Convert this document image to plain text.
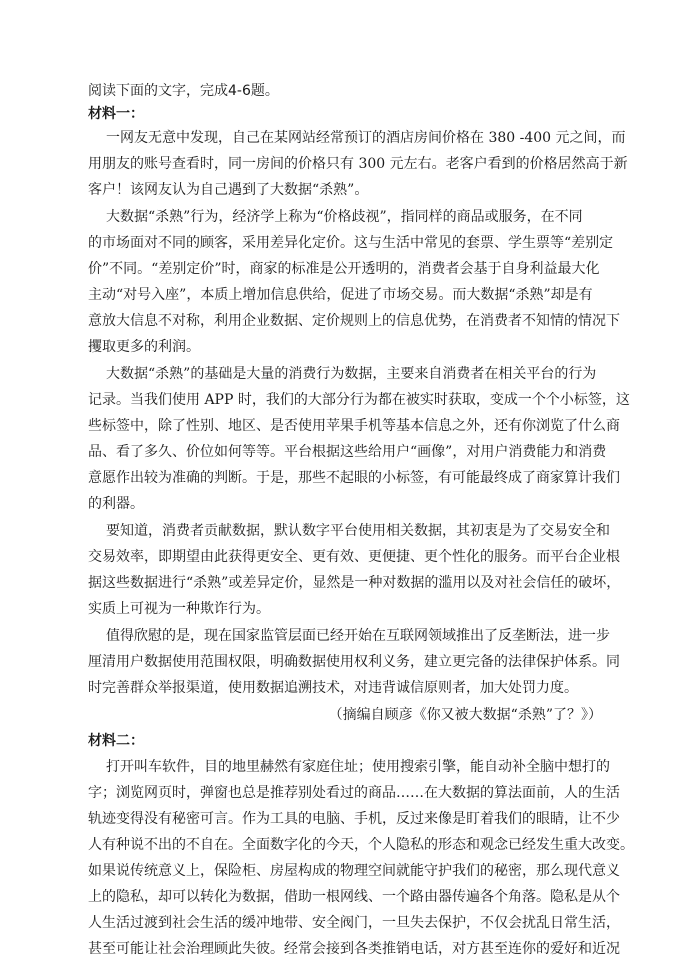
阅读下面的文字，完成4-6题。
材料一：
一网友无意中发现，自己在某网站经常预订的酒店房间价格在 380 -400 元之间，而
用朋友的账号查看时，同一房间的价格只有 300 元左右。老客户看到的价格居然高于新
客户！该网友认为自己遇到了大数据“杀熟”。
大数据“杀熟”行为，经济学上称为“价格歧视”，指同样的商品或服务，在不同
的市场面对不同的顾客，采用差异化定价。这与生活中常见的套票、学生票等“差别定
价”不同。“差别定价”时，商家的标准是公开透明的，消费者会基于自身利益最大化
主动“对号入座”，本质上增加信息供给，促进了市场交易。而大数据“杀熟”却是有
意放大信息不对称，利用企业数据、定价规则上的信息优势，在消费者不知情的情况下
攫取更多的利润。
大数据“杀熟”的基础是大量的消费行为数据，主要来自消费者在相关平台的行为
记录。当我们使用 APP 时，我们的大部分行为都在被实时获取，变成一个个小标签，这
些标签中，除了性别、地区、是否使用苹果手机等基本信息之外，还有你浏览了什么商
品、看了多久、价位如何等等。平台根据这些给用户“画像”，对用户消费能力和消费
意愿作出较为准确的判断。于是，那些不起眼的小标签，有可能最终成了商家算计我们
的利器。
要知道，消费者贡献数据，默认数字平台使用相关数据，其初衷是为了交易安全和
交易效率，即期望由此获得更安全、更有效、更便捷、更个性化的服务。而平台企业根
据这些数据进行“杀熟”或差异定价，显然是一种对数据的滥用以及对社会信任的破坏，
实质上可视为一种欺诈行为。
值得欣慰的是，现在国家监管层面已经开始在互联网领域推出了反垄断法，进一步
厘清用户数据使用范围权限，明确数据使用权利义务，建立更完备的法律保护体系。同
时完善群众举报渠道，使用数据追溯技术，对违背诚信原则者，加大处罚力度。
（摘编自顾彦《你又被大数据“杀熟”了？》）
材料二：
打开叫车软件，目的地里赫然有家庭住址；使用搜索引擎，能自动补全脑中想打的
字；浏览网页时，弹窗也总是推荐别处看过的商品……在大数据的算法面前，人的生活
轨迹变得没有秘密可言。作为工具的电脑、手机，反过来像是盯着我们的眼睛，让不少
人有种说不出的不自在。全面数字化的今天，个人隐私的形态和观念已经发生重大改变。
如果说传统意义上，保险柜、房屋构成的物理空间就能守护我们的秘密，那么现代意义
上的隐私，却可以转化为数据，借助一根网线、一个路由器传遍各个角落。隐私是从个
人生活过渡到社会生活的缓冲地带、安全阀门，一旦失去保护，不仅会扰乱日常生活，
甚至可能让社会治理顾此失彼。经常会接到各类推销电话，对方甚至连你的爱好和近况
